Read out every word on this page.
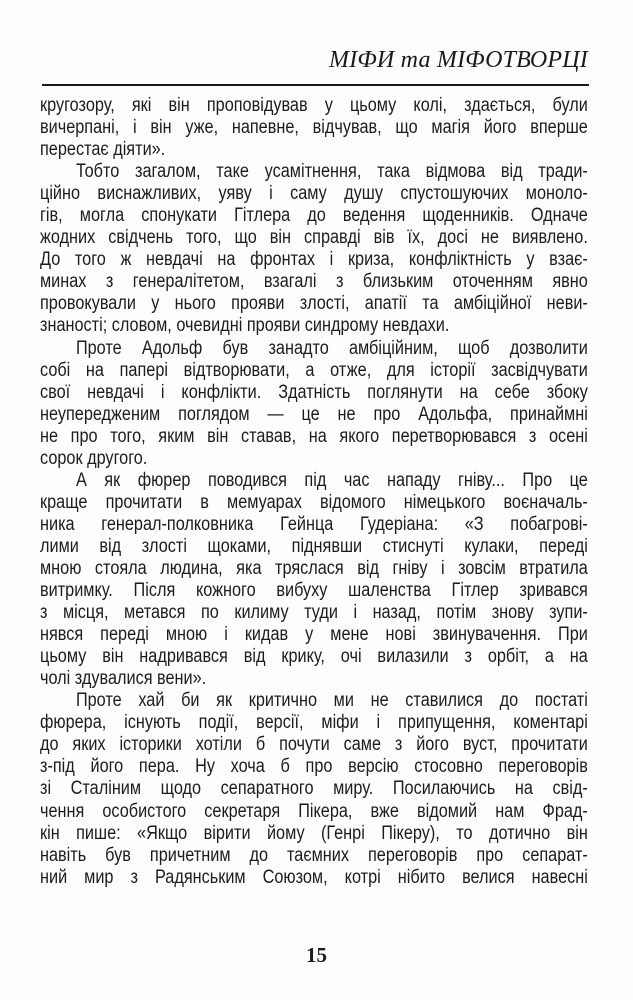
МІФИ та МІФОТВОРЦІ
кругозору, які він проповідував у цьому колі, здається, були
вичерпані, і він уже, напевне, відчував, що магія його вперше
перестає діяти».
Тобто загалом, таке усамітнення, така відмова від тради-
ційно виснажливих, уяву і саму душу спустошуючих моноло-
гів, могла спонукати Гітлера до ведення щоденників. Одначе
жодних свідчень того, що він справді вів їх, досі не виявлено.
До того ж невдачі на фронтах і криза, конфліктність у взає-
минах з генералітетом, взагалі з близьким оточенням явно
провокували у нього прояви злості, апатії та амбіційної неви-
знаності; словом, очевидні прояви синдрому невдахи.
Проте Адольф був занадто амбіційним, щоб дозволити
собі на папері відтворювати, а отже, для історії засвідчувати
свої невдачі і конфлікти. Здатність поглянути на себе збоку
неупередженим поглядом — це не про Адольфа, принаймні
не про того, яким він ставав, на якого перетворювався з осені
сорок другого.
А як фюрер поводився під час нападу гніву... Про це
краще прочитати в мемуарах відомого німецького воєначаль-
ника генерал-полковника Гейнца Гудеріана: «З побагрові-
лими від злості щоками, піднявши стиснуті кулаки, переді
мною стояла людина, яка тряслася від гніву і зовсім втратила
витримку. Після кожного вибуху шаленства Гітлер зривався
з місця, метався по килиму туди і назад, потім знову зупи-
нявся переді мною і кидав у мене нові звинувачення. При
цьому він надривався від крику, очі вилазили з орбіт, а на
чолі здувалися вени».
Проте хай би як критично ми не ставилися до постаті
фюрера, існують події, версії, міфи і припущення, коментарі
до яких історики хотіли б почути саме з його вуст, прочитати
з-під його пера. Ну хоча б про версію стосовно переговорів
зі Сталіним щодо сепаратного миру. Посилаючись на свід-
чення особистого секретаря Пікера, вже відомий нам Фрад-
кін пише: «Якщо вірити йому (Генрі Пікеру), то дотично він
навіть був причетним до таємних переговорів про сепарат-
ний мир з Радянським Союзом, котрі нібито велися навесні
15
